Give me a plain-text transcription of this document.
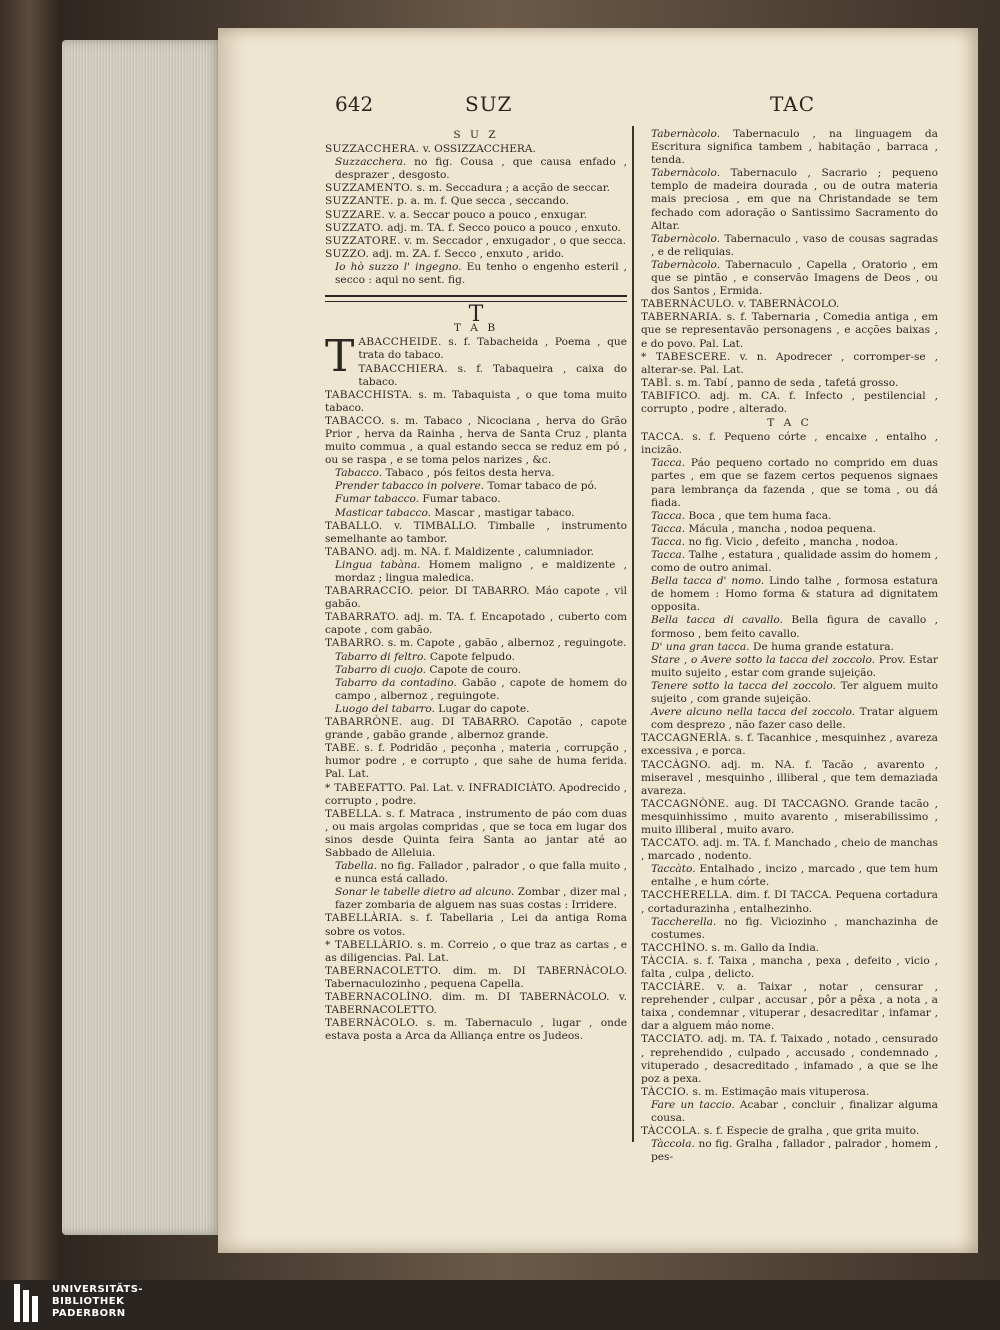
642	SUZ	TAC
S U Z

SUZZACCHERA. v. OSSIZZACCHERA.

Suzzacchera. no fig. Cousa , que causa enfado , desprazer , desgosto.

SUZZAMENTO. s. m. Seccadura ; a acção de seccar.

SUZZANTE. p. a. m. f. Que secca , seccando.

SUZZARE. v. a. Seccar pouco a pouco , enxugar.

SUZZATO. adj. m. TA. f. Secco pouco a pouco , enxuto.

SUZZATORE. v. m. Seccador , enxugador , o que secca.

SUZZO. adj. m. ZA. f. Secco , enxuto , arido.

Io hò suzzo l' ingegno. Eu tenho o engenho esteril , secco : aqui no sent. fig.

T
T A B

TABACCHEIDE. s. f. Tabacheida , Poema , que trata do tabaco.

TABACCHIERA. s. f. Tabaqueira , caixa do tabaco.

TABACCHISTA. s. m. Tabaquista , o que toma muito tabaco.

TABACCO. s. m. Tabaco , Nicociana , herva do Grão Prior , herva da Rainha , herva de Santa Cruz , planta muito commua , a qual estando secca se reduz em pó , ou se raspa , e se toma pelos narizes , &c.

Tabacco. Tabaco , pós feitos desta herva.

Prender tabacco in polvere. Tomar tabaco de pó.

Fumar tabacco. Fumar tabaco.

Masticar tabacco. Mascar , mastigar tabaco.

TABALLO. v. TIMBALLO. Timballe , instrumento semelhante ao tambor.

TABANO. adj. m. NA. f. Maldizente , calumniador.

Lingua tabàna. Homem maligno , e maldizente , mordaz ; lingua maledica.

TABARRACCIO. peior. DI TABARRO. Máo capote , vil gabão.

TABARRATO. adj. m. TA. f. Encapotado , cuberto com capote , com gabão.

TABARRO. s. m. Capote , gabão , albernoz , reguingote.

Tabarro di feltro. Capote felpudo.

Tabarro di cuojo. Capote de couro.

Tabarro da contadino. Gabão , capote de homem do campo , albernoz , reguingote.

Luogo del tabarro. Lugar do capote.

TABARRÒNE. aug. DI TABARRO. Capotão , capote grande , gabão grande , albernoz grande.

TABE. s. f. Podridão , peçonha , materia , corrupção , humor podre , e corrupto , que sahe de huma ferida. Pal. Lat.

* TABEFATTO. Pal. Lat. v. INFRADICIÀTO. Apodrecido , corrupto , podre.

TABELLA. s. f. Matraca , instrumento de páo com duas , ou mais argolas compridas , que se toca em lugar dos sinos desde Quinta feira Santa ao jantar até ao Sabbado de Alleluia.

Tabella. no fig. Fallador , palrador , o que falla muito , e nunca está callado.

Sonar le tabelle dietro ad alcuno. Zombar , dizer mal , fazer zombaria de alguem nas suas costas : Irridere.

TABELLÀRIA. s. f. Tabellaria , Lei da antiga Roma sobre os votos.

* TABELLÀRIO. s. m. Correio , o que traz as cartas , e as diligencias. Pal. Lat.

TABERNACOLETTO. dim. m. DI TABERNÀCOLO. Tabernaculozinho , pequena Capella.

TABERNACOLÌNO. dim. m. DI TABERNÀCOLO. v. TABERNACOLETTO.

TABERNÀCOLO. s. m. Tabernaculo , lugar , onde estava posta a Arca da Alliança entre os Judeos.

Tabernàcolo. Tabernaculo , na linguagem da Escritura significa tambem , habitação , barraca , tenda.

Tabernàcolo. Tabernaculo , Sacrario ; pequeno templo de madeira dourada , ou de outra materia mais preciosa , em que na Christandade se tem fechado com adoração o Santissimo Sacramento do Altar.

Tabernàcolo. Tabernaculo , vaso de cousas sagradas , e de reliquias.

Tabernàcolo. Tabernaculo , Capella , Oratorio , em que se pintão , e conservão Imagens de Deos , ou dos Santos , Ermida.

TABERNÀCULO. v. TABERNÀCOLO.

TABERNARIA. s. f. Tabernaria , Comedia antiga , em que se representavão personagens , e acções baixas , e do povo. Pal. Lat.

* TABESCERE. v. n. Apodrecer , corromper-se , alterar-se. Pal. Lat.

TABÌ. s. m. Tabí , panno de seda , tafetá grosso.

TABIFICO. adj. m. CA. f. Infecto , pestilencial , corrupto , podre , alterado.

T A C

TACCA. s. f. Pequeno córte , encaixe , entalho , incizão.

Tacca. Páo pequeno cortado no comprido em duas partes , em que se fazem certos pequenos signaes para lembrança da fazenda , que se toma , ou dá fiada.

Tacca. Boca , que tem huma faca.

Tacca. Mácula , mancha , nodoa pequena.

Tacca. no fig. Vicio , defeito , mancha , nodoa.

Tacca. Talhe , estatura , qualidade assim do homem , como de outro animal.

Bella tacca d' nomo. Lindo talhe , formosa estatura de homem : Homo forma & statura ad dignitatem opposita.

Bella tacca di cavallo. Bella figura de cavallo , formoso , bem feito cavallo.

D' una gran tacca. De huma grande estatura.

Stare , o Avere sotto la tacca del zoccolo. Prov. Estar muito sujeito , estar com grande sujeição.

Tenere sotto la tacca del zoccolo. Ter alguem muito sujeito , com grande sujeição.

Avere alcuno nella tacca del zoccolo. Tratar alguem com desprezo , não fazer caso delle.

TACCAGNERÌA. s. f. Tacanhice , mesquinhez , avareza excessiva , e porca.

TACCÀGNO. adj. m. NA. f. Tacão , avarento , miseravel , mesquinho , illiberal , que tem demaziada avareza.

TACCAGNÒNE. aug. DI TACCAGNO. Grande tacão , mesquinhissimo , muito avarento , miserabilissimo , muito illiberal , muito avaro.

TACCATO. adj. m. TA. f. Manchado , cheio de manchas , marcado , nodento.

Taccàto. Entalhado , incizo , marcado , que tem hum entalhe , e hum córte.

TACCHERELLA. dim. f. DI TACCA. Pequena cortadura , cortadurazinha , entalhezinho.

Taccherella. no fig. Viciozinho , manchazinha de costumes.

TACCHÌNO. s. m. Gallo da India.

TÀCCIA. s. f. Taixa , mancha , pexa , defeito , vicio , falta , culpa , delicto.

TACCIÀRE. v. a. Taixar , notar , censurar , reprehender , culpar , accusar , pôr a pêxa , a nota , a taixa , condemnar , vituperar , desacreditar , infamar , dar a alguem máo nome.

TACCIATO. adj. m. TA. f. Taixado , notado , censurado , reprehendido , culpado , accusado , condemnado , vituperado , desacreditado , infamado , a que se lhe poz a pexa.

TÀCCIO. s. m. Estimação mais vituperosa.

Fare un taccio. Acabar , concluir , finalizar alguma cousa.

TÀCCOLA. s. f. Especie de gralha , que grita muito.

Tàccola. no fig. Gralha , fallador , palrador , homem , pes-

UNIVERSITÄTS-
BIBLIOTHEK
PADERBORN
